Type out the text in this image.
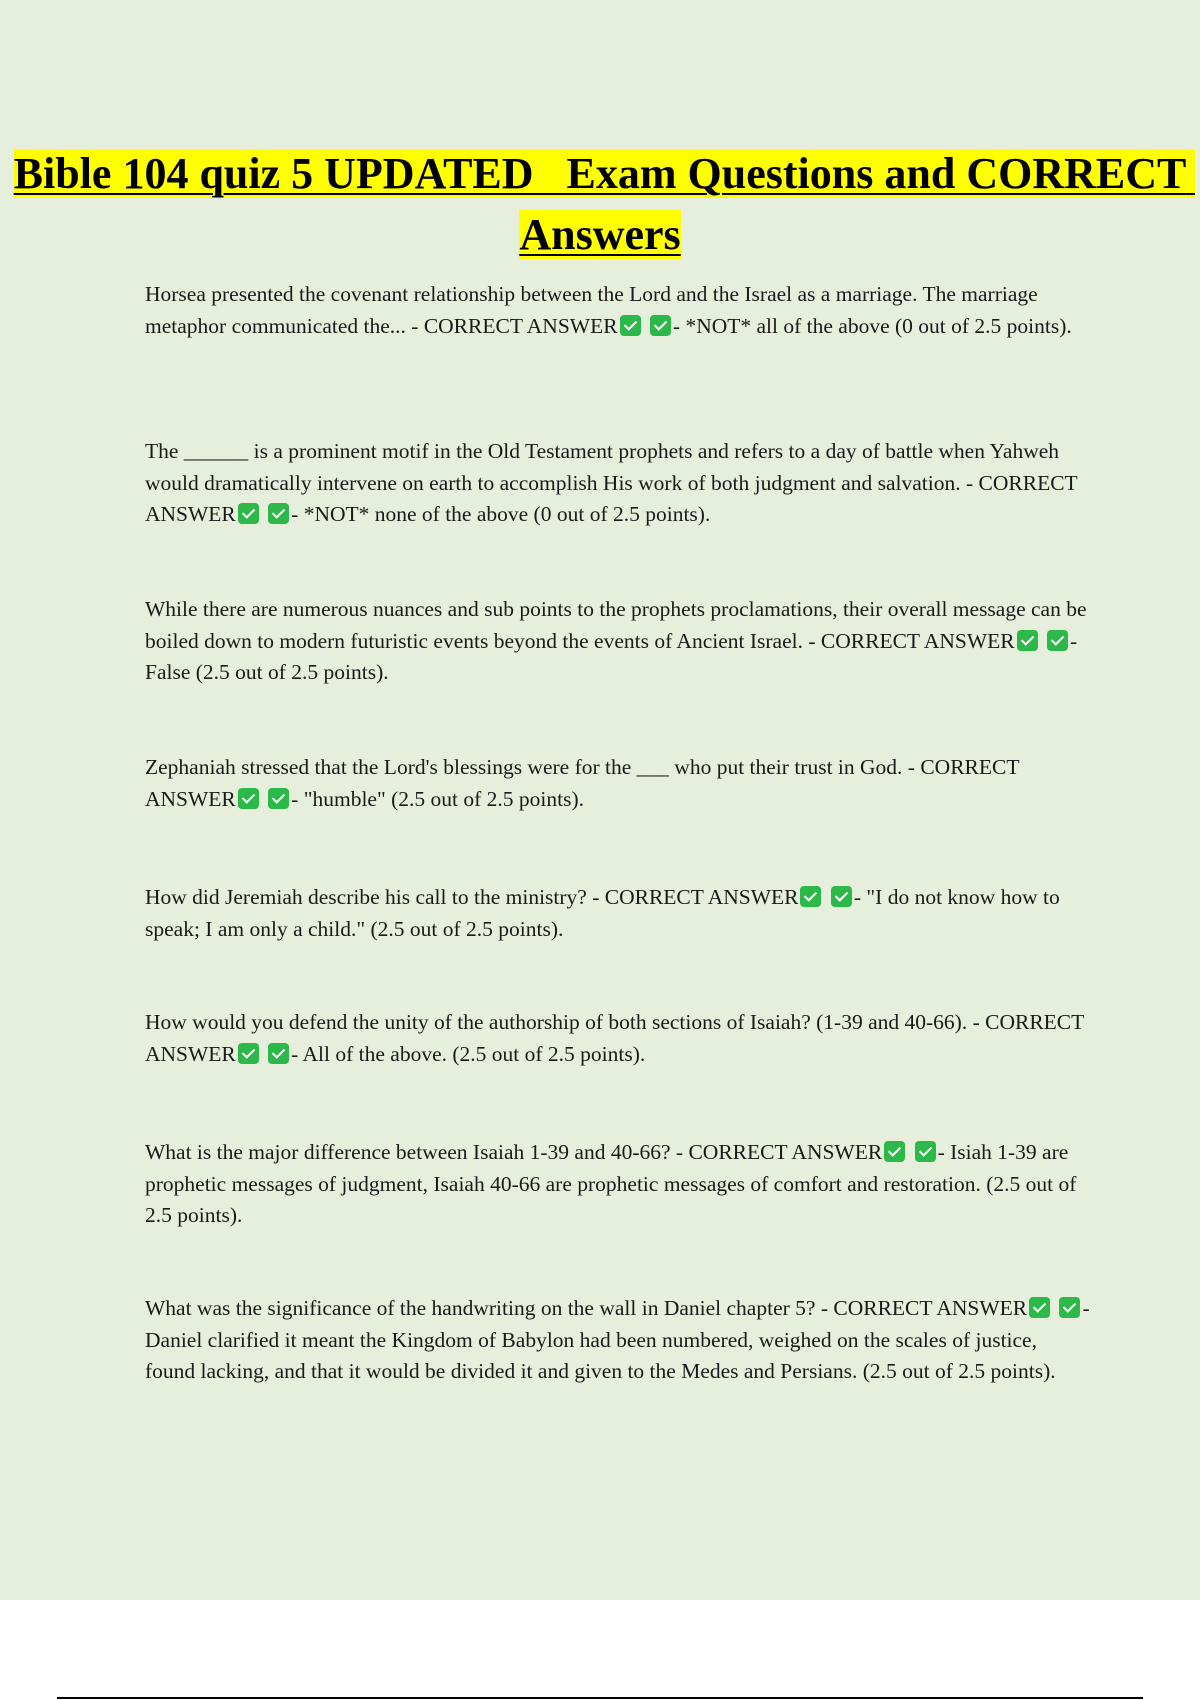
Bible 104 quiz 5 UPDATED   Exam Questions and CORRECT Answers
Horsea presented the covenant relationship between the Lord and the Israel as a marriage. The marriage metaphor communicated the... - CORRECT ANSWER	- *NOT* all of the above (0 out of 2.5 points).
The ______ is a prominent motif in the Old Testament prophets and refers to a day of battle when Yahweh would dramatically intervene on earth to accomplish His work of both judgment and salvation. - CORRECT ANSWER	- *NOT* none of the above (0 out of 2.5 points).
While there are numerous nuances and sub points to the prophets proclamations, their overall message can be boiled down to modern futuristic events beyond the events of Ancient Israel. - CORRECT ANSWER	- False (2.5 out of 2.5 points).
Zephaniah stressed that the Lord's blessings were for the ___ who put their trust in God. - CORRECT ANSWER	- "humble" (2.5 out of 2.5 points).
How did Jeremiah describe his call to the ministry? - CORRECT ANSWER	- "I do not know how to speak; I am only a child." (2.5 out of 2.5 points).
How would you defend the unity of the authorship of both sections of Isaiah? (1-39 and 40-66). - CORRECT ANSWER	- All of the above. (2.5 out of 2.5 points).
What is the major difference between Isaiah 1-39 and 40-66? - CORRECT ANSWER	- Isiah 1-39 are prophetic messages of judgment, Isaiah 40-66 are prophetic messages of comfort and restoration. (2.5 out of 2.5 points).
What was the significance of the handwriting on the wall in Daniel chapter 5? - CORRECT ANSWER	- Daniel clarified it meant the Kingdom of Babylon had been numbered, weighed on the scales of justice, found lacking, and that it would be divided it and given to the Medes and Persians. (2.5 out of 2.5 points).
